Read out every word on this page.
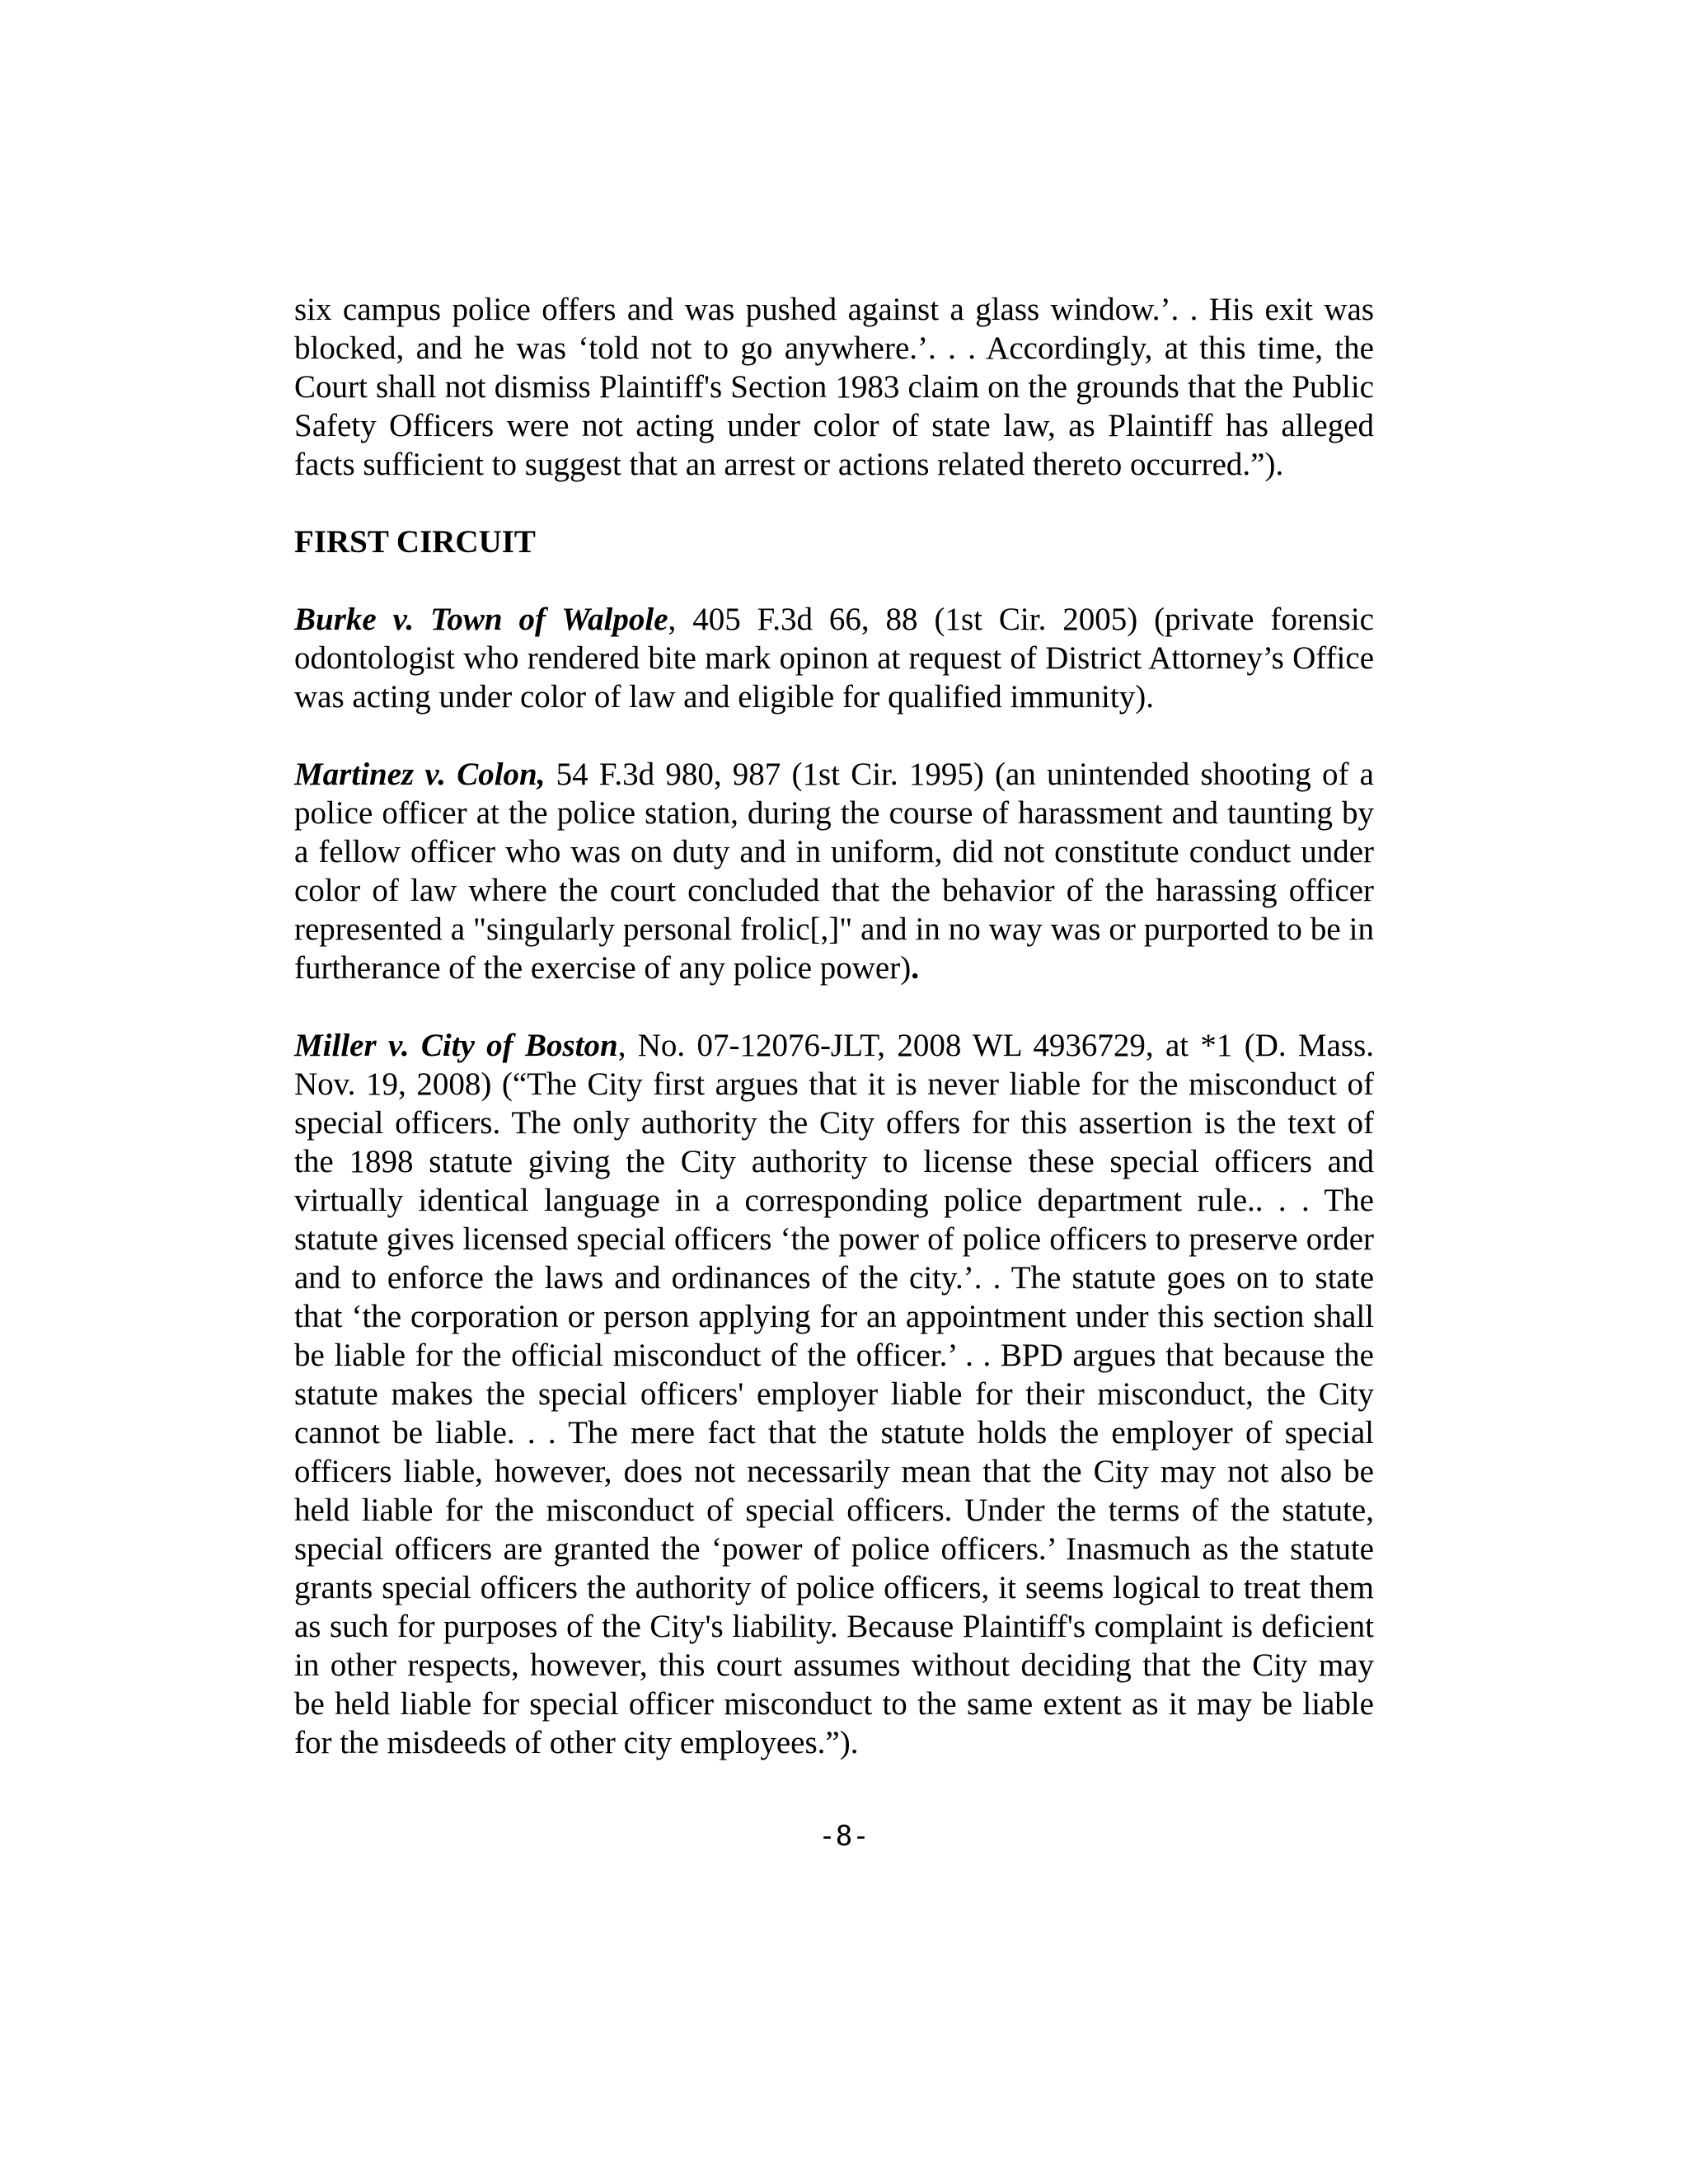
six campus police offers and was pushed against a glass window.’. . His exit was blocked, and he was ‘told not to go anywhere.’. . . Accordingly, at this time, the Court shall not dismiss Plaintiff's Section 1983 claim on the grounds that the Public Safety Officers were not acting under color of state law, as Plaintiff has alleged facts sufficient to suggest that an arrest or actions related thereto occurred.”).

FIRST CIRCUIT

Burke v. Town of Walpole, 405 F.3d 66, 88 (1st Cir. 2005) (private forensic odontologist who rendered bite mark opinon at request of District Attorney’s Office was acting under color of law and eligible for qualified immunity).

Martinez v. Colon, 54 F.3d 980, 987 (1st Cir. 1995) (an unintended shooting of a police officer at the police station, during the course of harassment and taunting by a fellow officer who was on duty and in uniform, did not constitute conduct under color of law where the court concluded that the behavior of the harassing officer represented a "singularly personal frolic[,]" and in no way was or purported to be in furtherance of the exercise of any police power).

Miller v. City of Boston, No. 07-12076-JLT, 2008 WL 4936729, at *1 (D. Mass. Nov. 19, 2008) (“The City first argues that it is never liable for the misconduct of special officers. The only authority the City offers for this assertion is the text of the 1898 statute giving the City authority to license these special officers and virtually identical language in a corresponding police department rule.. . . The statute gives licensed special officers ‘the power of police officers to preserve order and to enforce the laws and ordinances of the city.’. . The statute goes on to state that ‘the corporation or person applying for an appointment under this section shall be liable for the official misconduct of the officer.’ . . BPD argues that because the statute makes the special officers' employer liable for their misconduct, the City cannot be liable. . . The mere fact that the statute holds the employer of special officers liable, however, does not necessarily mean that the City may not also be held liable for the misconduct of special officers. Under the terms of the statute, special officers are granted the ‘power of police officers.’ Inasmuch as the statute grants special officers the authority of police officers, it seems logical to treat them as such for purposes of the City's liability. Because Plaintiff's complaint is deficient in other respects, however, this court assumes without deciding that the City may be held liable for special officer misconduct to the same extent as it may be liable for the misdeeds of other city employees.”).

-8-
